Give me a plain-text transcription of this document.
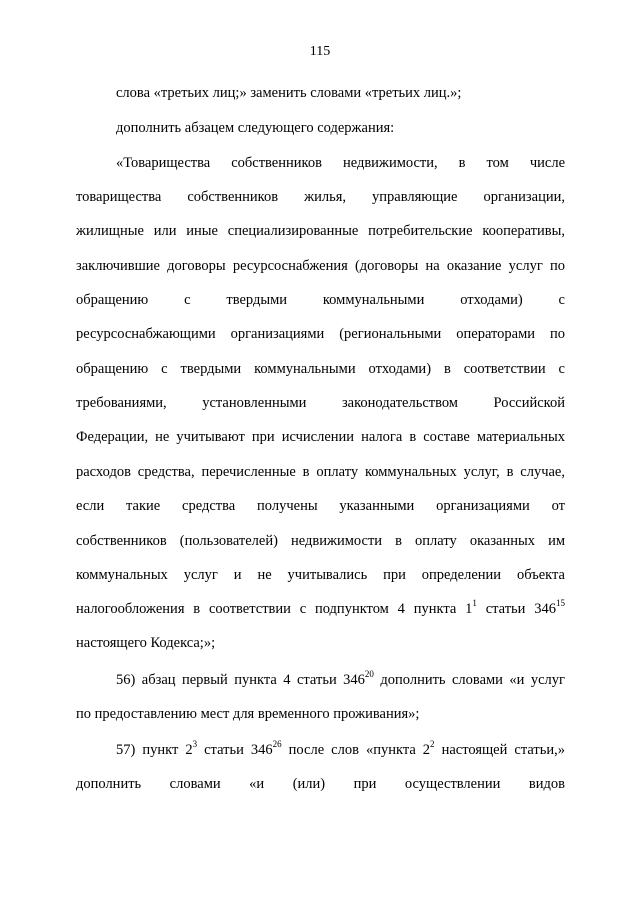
115
слова «третьих лиц;» заменить словами «третьих лиц.»;
дополнить абзацем следующего содержания:
«Товарищества собственников недвижимости, в том числе
товарищества собственников жилья, управляющие организации,
жилищные или иные специализированные потребительские кооперативы,
заключившие договоры ресурсоснабжения (договоры на оказание услуг по
обращению с твердыми коммунальными отходами) с
ресурсоснабжающими организациями (региональными операторами по
обращению с твердыми коммунальными отходами) в соответствии с
требованиями, установленными законодательством Российской
Федерации, не учитывают при исчислении налога в составе материальных
расходов средства, перечисленные в оплату коммунальных услуг, в случае,
если такие средства получены указанными организациями от
собственников (пользователей) недвижимости в оплату оказанных им
коммунальных услуг и не учитывались при определении объекта
налогообложения в соответствии с подпунктом 4 пункта $1^1$ статьи $346^{15}$
настоящего Кодекса;»;
56) абзац первый пункта 4 статьи $346^{20}$ дополнить словами «и услуг
по предоставлению мест для временного проживания»;
57) пункт $2^3$ статьи $346^{26}$ после слов «пункта $2^2$ настоящей статьи,»
дополнить словами «и (или) при осуществлении видов
